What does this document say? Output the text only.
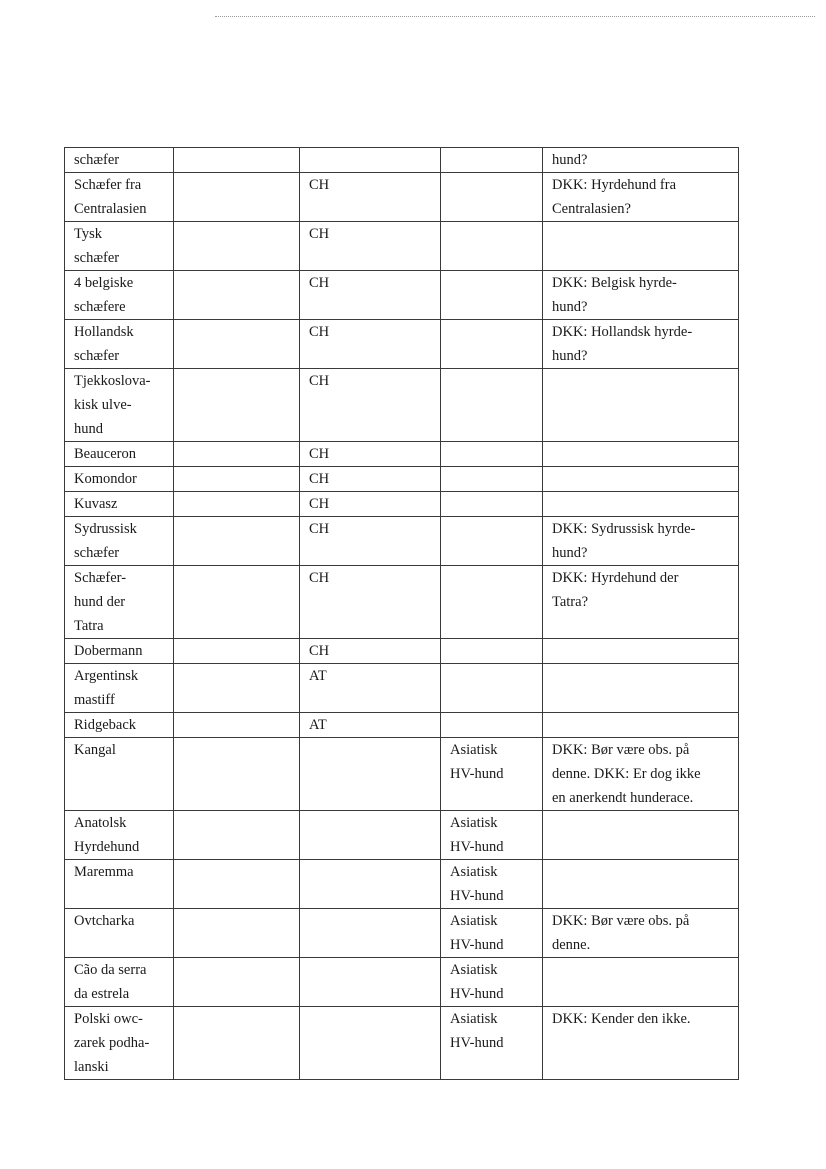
schæfer				hund?

Schæfer fra
Centralasien		CH		DKK: Hyrdehund fra
Centralasien?

Tysk
schæfer		CH		

4 belgiske
schæfere		CH		DKK: Belgisk hyrde-
hund?

Hollandsk
schæfer		CH		DKK: Hollandsk hyrde-
hund?

Tjekkoslova-
kisk ulve-
hund		CH		

Beauceron		CH		

Komondor		CH		

Kuvasz		CH		

Sydrussisk
schæfer		CH		DKK: Sydrussisk hyrde-
hund?

Schæfer-
hund der
Tatra		CH		DKK: Hyrdehund der
Tatra?

Dobermann		CH		

Argentinsk
mastiff		AT		

Ridgeback		AT		

Kangal			Asiatisk
HV-hund	DKK: Bør være obs. på
denne. DKK: Er dog ikke
en anerkendt hunderace.

Anatolsk
Hyrdehund			Asiatisk
HV-hund	

Maremma			Asiatisk
HV-hund	

Ovtcharka			Asiatisk
HV-hund	DKK: Bør være obs. på
denne.

Cão da serra
da estrela			Asiatisk
HV-hund	

Polski owc-
zarek podha-
lanski			Asiatisk
HV-hund	DKK: Kender den ikke.
